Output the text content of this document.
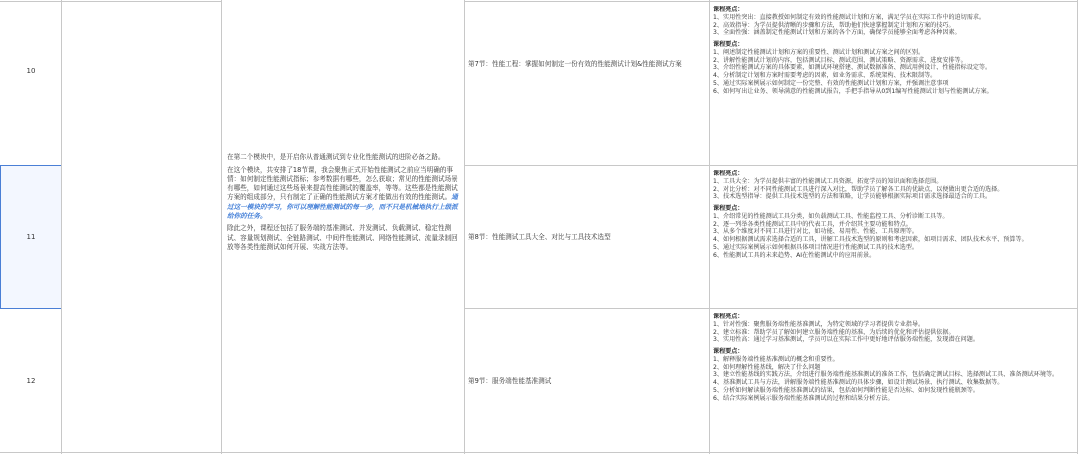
10
11
12

在第二个模块中，是开启你从普通测试到专业化性能测试的进阶必备之路。

在这个模块，共安排了18节课，我会聚焦正式开始性能测试之前应当明确的事情：如何制定性能测试指标；参考数据有哪些，怎么获取；常见的性能测试场景有哪些，如何通过这些场景来提高性能测试的覆盖率，等等。这些都是性能测试方案的组成部分，只有制定了正确的性能测试方案才能做出有效的性能测试。通过这一模块的学习，你可以理解性能测试的每一步，而不只是机械地执行上级派给你的任务。

除此之外，课程还包括了服务端的基准测试、并发测试、负载测试、稳定性测试、容量规划测试、全链路测试、中间件性能测试、网络性能测试、流量录制回放等各类性能测试如何开展、实战方法等。

第7节：性能工程：掌握如何制定一份有效的性能测试计划&性能测试方案
第8节：性能测试工具大全、对比与工具技术选型
第9节：服务端性能基准测试
课程亮点：
1、实用性突出：直接教授如何制定有效的性能测试计划和方案，满足学员在实际工作中的迫切需求。
2、高效指导：为学员提供清晰的步骤和方法，帮助他们快速掌握制定计划和方案的技巧。
3、全面性强：涵盖制定性能测试计划和方案的各个方面，确保学员能够全面考虑各种因素。
课程要点：
1、阐述制定性能测试计划和方案的重要性、测试计划和测试方案之间的区别。
2、讲解性能测试计划的内容，包括测试目标、测试范围、测试策略、资源需求、进度安排等。
3、介绍性能测试方案的具体要素，如测试环境搭建、测试数据准备、测试用例设计、性能指标设定等。
4、分析制定计划和方案时需要考虑的因素，如业务需求、系统架构、技术限制等。
5、通过实际案例展示如何制定一份完整、有效的性能测试计划和方案，并强调注意事项
6、如何写出让业务、领导满意的性能测试报告，手把手指导从0到1编写性能测试计划与性能测试方案。
课程亮点：
1、工具大全：为学员提供丰富的性能测试工具资源，拓宽学员的知识面和选择范围。
2、对比分析：对不同性能测试工具进行深入对比，帮助学员了解各工具的优缺点，以便做出更合适的选择。
3、技术选型指导：提供工具技术选型的方法和策略，让学员能够根据实际项目需求选择最适合的工具。
课程要点：
1、介绍常见的性能测试工具分类，如负载测试工具、性能监控工具、分析诊断工具等。
2、逐一列举各类性能测试工具中的代表工具，并介绍其主要功能和特点。
3、从多个维度对不同工具进行对比，如功能、易用性、性能、工具原理等。
4、如何根据测试需求选择合适的工具，讲解工具技术选型的原则和考虑因素，如项目需求、团队技术水平、预算等。
5、通过实际案例展示如何根据具体项目情况进行性能测试工具的技术选型。
6、性能测试工具的未来趋势、AI在性能测试中的应用前景。
课程亮点：
1、针对性强：聚焦服务端性能基准测试，为特定领域的学习者提供专业指导。
2、建立标准：帮助学员了解如何建立服务端性能的基准，为后续的优化和评估提供依据。
3、实用性高：通过学习基准测试，学员可以在实际工作中更好地评估服务端性能，发现潜在问题。
课程要点：
1、解释服务端性能基准测试的概念和重要性。
2、如何理解性能基线，解决了什么问题
3、建立性能基线的实践方法，介绍进行服务端性能基准测试的准备工作，包括确定测试目标、选择测试工具、准备测试环境等。
4、基准测试工具与方法，讲解服务端性能基准测试的具体步骤，如设计测试场景、执行测试、收集数据等。
5、分析如何解读服务端性能基准测试的结果，包括如何判断性能是否达标、如何发现性能瓶颈等。
6、结合实际案例展示服务端性能基准测试的过程和结果分析方法。
